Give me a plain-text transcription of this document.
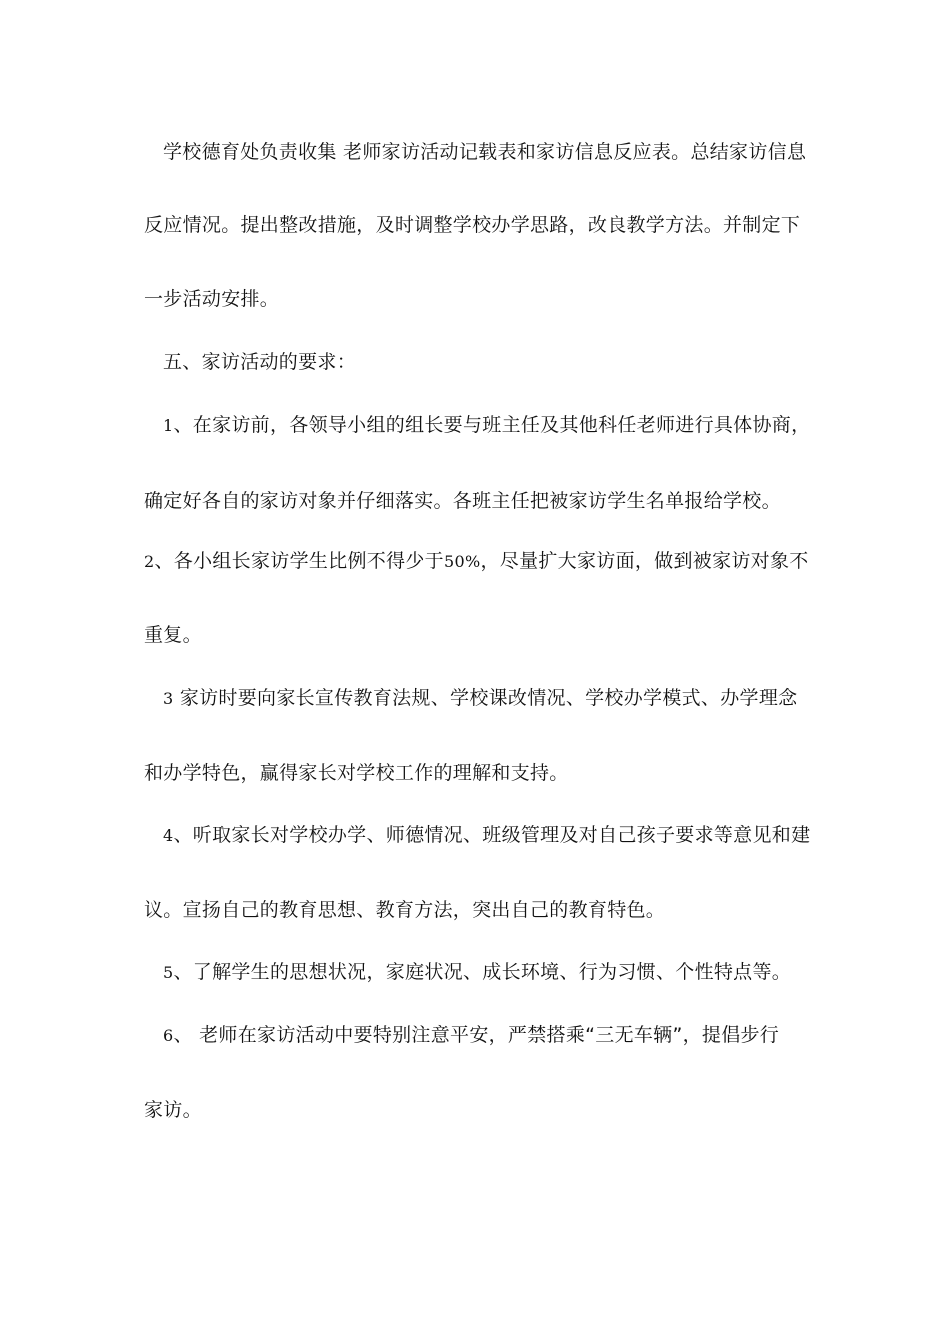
学校德育处负责收集 老师家访活动记载表和家访信息反应表。总结家访信息
反应情况。提出整改措施，及时调整学校办学思路，改良教学方法。并制定下
一步活动安排。
五、家访活动的要求：
1、在家访前，各领导小组的组长要与班主任及其他科任老师进行具体协商，
确定好各自的家访对象并仔细落实。各班主任把被家访学生名单报给学校。
2、各小组长家访学生比例不得少于50%，尽量扩大家访面，做到被家访对象不
重复。
3 家访时要向家长宣传教育法规、学校课改情况、学校办学模式、办学理念
和办学特色，赢得家长对学校工作的理解和支持。
4、听取家长对学校办学、师德情况、班级管理及对自己孩子要求等意见和建
议。宣扬自己的教育思想、教育方法，突出自己的教育特色。
5、了解学生的思想状况，家庭状况、成长环境、行为习惯、个性特点等。
6、 老师在家访活动中要特别注意平安，严禁搭乘“三无车辆”，提倡步行
家访。
